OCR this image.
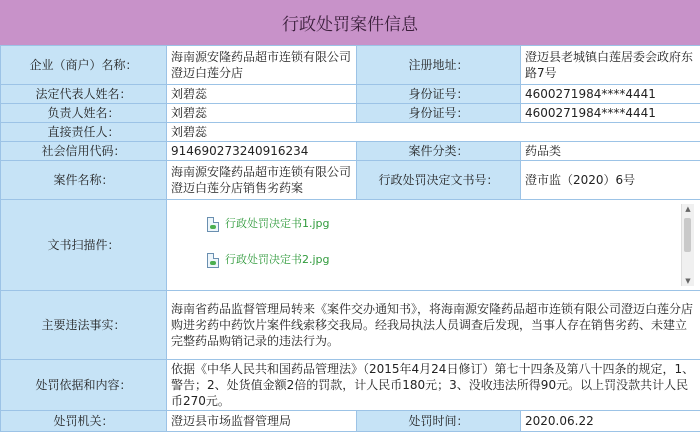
行政处罚案件信息
企业（商户）名称：	海南源安隆药品超市连锁有限公司澄迈白莲分店	注册地址：	澄迈县老城镇白莲居委会政府东路7号
法定代表人姓名：	刘碧蕊	身份证号：	4600271984****4441
负责人姓名：	刘碧蕊	身份证号：	4600271984****4441
直接责任人：	刘碧蕊		
社会信用代码：	914690273240916234	案件分类：	药品类
案件名称：	海南源安隆药品超市连锁有限公司澄迈白莲分店销售劣药案	行政处罚决定文书号：	澄市监（2020）6号
文书扫描件：	行政处罚决定书1.jpg
行政处罚决定书2.jpg
▲
▼		

主要违法事实：	海南省药品监督管理局转来《案件交办通知书》，将海南源安隆药品超市连锁有限公司澄迈白莲分店购进劣药中药饮片案件线索移交我局。经我局执法人员调查后发现，当事人存在销售劣药、未建立完整药品购销记录的违法行为。		
处罚依据和内容：	依据《中华人民共和国药品管理法》（2015年4月24日修订）第七十四条及第八十四条的规定，1、警告；2、处货值金额2倍的罚款，计人民币180元；3、没收违法所得90元。以上罚没款共计人民币270元。		
处罚机关：	澄迈县市场监督管理局	处罚时间：	2020.06.22
